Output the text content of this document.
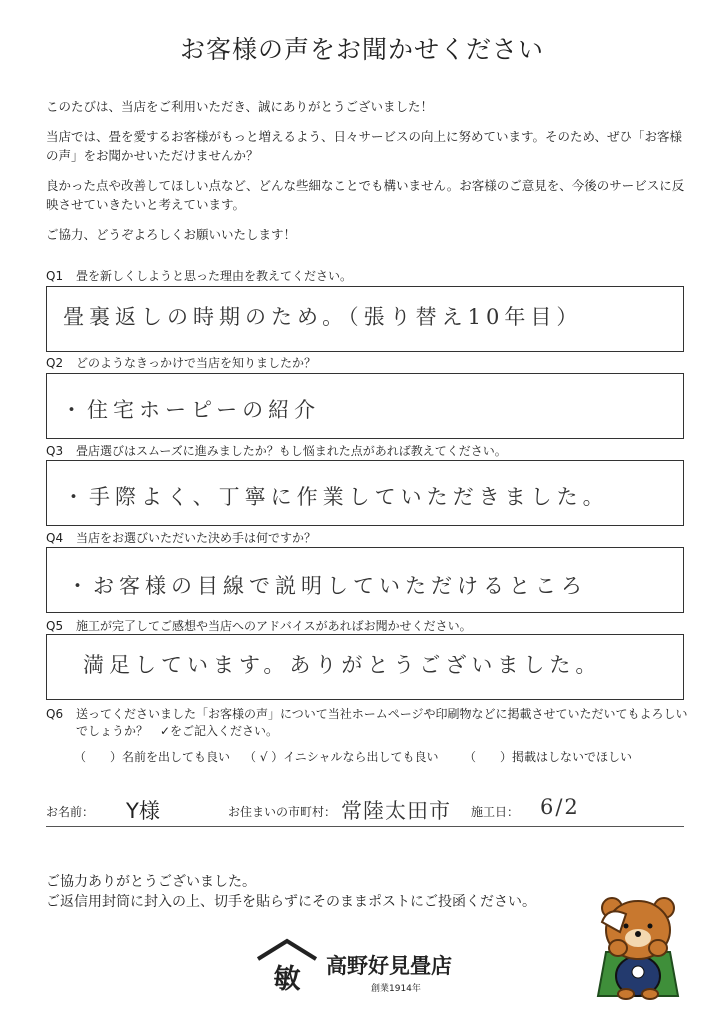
お客様の声をお聞かせください
このたびは、当店をご利用いただき、誠にありがとうございました！
当店では、畳を愛するお客様がもっと増えるよう、日々サービスの向上に努めています。そのため、ぜひ「お客様の声」をお聞かせいただけませんか？
良かった点や改善してほしい点など、どんな些細なことでも構いません。お客様のご意見を、今後のサービスに反映させていきたいと考えています。
ご協力、どうぞよろしくお願いいたします！
Q1 畳を新しくしようと思った理由を教えてください。
畳裏返しの時期のため。（張り替え10年目）
Q2 どのようなきっかけで当店を知りましたか？
・住宅ホーピーの紹介
Q3 畳店選びはスムーズに進みましたか？もし悩まれた点があれば教えてください。
・手際よく、丁寧に作業していただきました。
Q4 当店をお選びいただいた決め手は何ですか？
・お客様の目線で説明していただけるところ
Q5 施工が完了してご感想や当店へのアドバイスがあればお聞かせください。
満足しています。ありがとうございました。
Q6 送ってくださいました「お客様の声」について当社ホームページや印刷物などに掲載させていただいてもよろしい
でしょうか？　✓をご記入ください。
（　　）名前を出しても良い （ √ ）イニシャルなら出しても良い （　　）掲載はしないでほしい
お名前： Y様	お住まいの市町村： 常陸太田市 施工日： 6/2
ご協力ありがとうございました。
ご返信用封筒に封入の上、切手を貼らずにそのままポストにご投函ください。
敏	高野好見畳店
創業1914年
